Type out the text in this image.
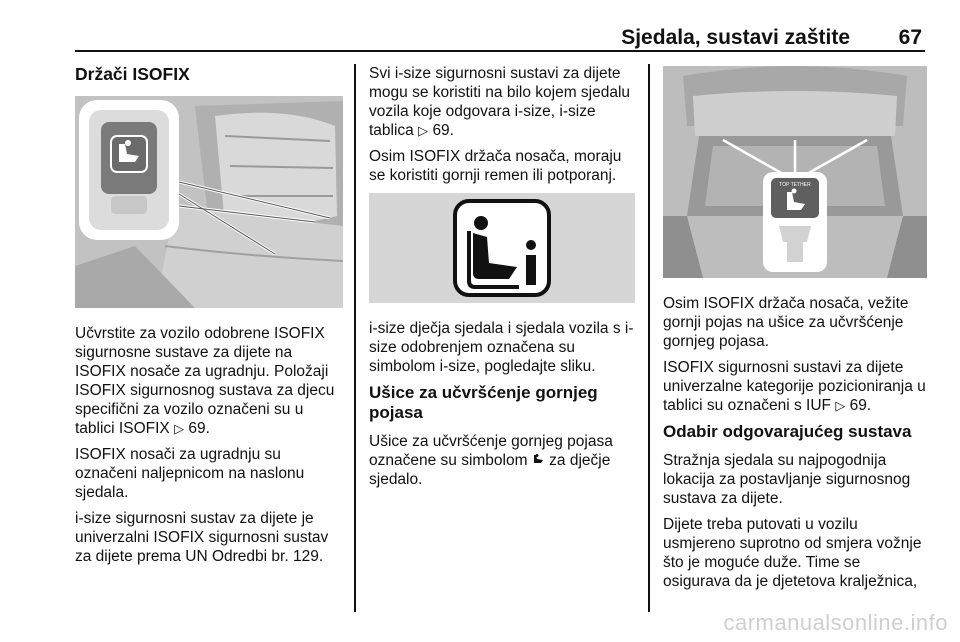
Sjedala, sustavi zaštite 67
Držači ISOFIX

Učvrstite za vozilo odobrene ISOFIX sigurnosne sustave za dijete na ISOFIX nosače za ugradnju. Položaji ISOFIX sigurnosnog sustava za djecu specifični za vozilo označeni su u tablici ISOFIX ▷ 69.

ISOFIX nosači za ugradnju su označeni naljepnicom na naslonu sjedala.

i-size sigurnosni sustav za dijete je univerzalni ISOFIX sigurnosni sustav za dijete prema UN Odredbi br. 129.

Svi i-size sigurnosni sustavi za dijete mogu se koristiti na bilo kojem sjedalu vozila koje odgovara i-size, i-size tablica ▷ 69.

Osim ISOFIX držača nosača, moraju se koristiti gornji remen ili potporanj.

i-size dječja sjedala i sjedala vozila s i-size odobrenjem označena su simbolom i-size, pogledajte sliku.

Ušice za učvršćenje gornjeg pojasa

Ušice za učvršćenje gornjeg pojasa označene su simbolom za dječje sjedalo.

TOP TETHER

Osim ISOFIX držača nosača, vežite gornji pojas na ušice za učvršćenje gornjeg pojasa.

ISOFIX sigurnosni sustavi za dijete univerzalne kategorije pozicioniranja u tablici su označeni s IUF ▷ 69.

Odabir odgovarajućeg sustava

Stražnja sjedala su najpogodnija lokacija za postavljanje sigurnosnog sustava za dijete.

Dijete treba putovati u vozilu usmjereno suprotno od smjera vožnje što je moguće duže. Time se osigurava da je djetetova kralježnica,

carmanualsonline.info
